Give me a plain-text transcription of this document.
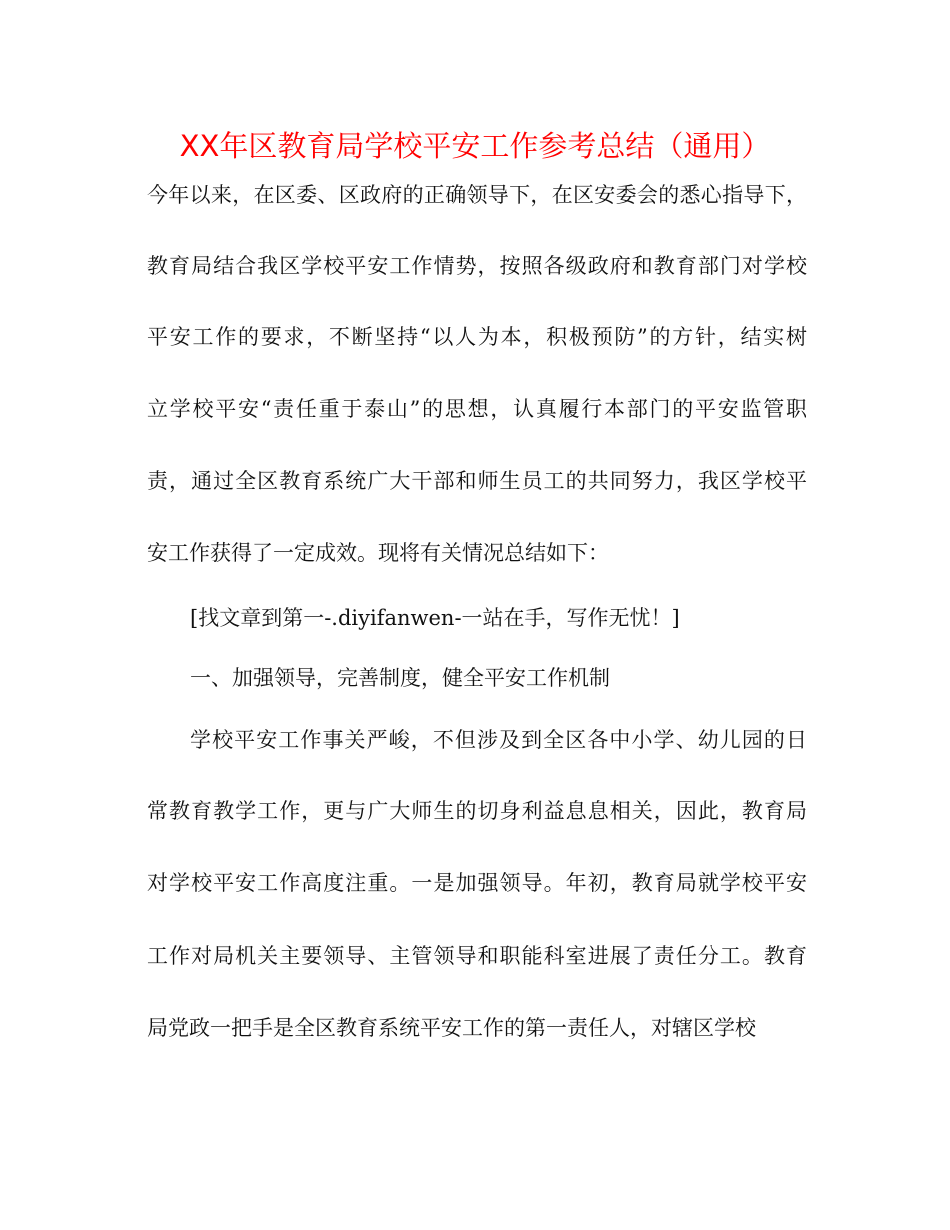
XX年区教育局学校平安工作参考总结（通用）
今年以来，在区委、区政府的正确领导下，在区安委会的悉心指导下，
教育局结合我区学校平安工作情势，按照各级政府和教育部门对学校
平安工作的要求，不断坚持“以人为本，积极预防”的方针，结实树
立学校平安“责任重于泰山”的思想，认真履行本部门的平安监管职
责，通过全区教育系统广大干部和师生员工的共同努力，我区学校平
安工作获得了一定成效。现将有关情况总结如下：
[找文章到第一-.diyifanwen-一站在手，写作无忧！]
一、加强领导，完善制度，健全平安工作机制
学校平安工作事关严峻，不但涉及到全区各中小学、幼儿园的日
常教育教学工作，更与广大师生的切身利益息息相关，因此，教育局
对学校平安工作高度注重。一是加强领导。年初，教育局就学校平安
工作对局机关主要领导、主管领导和职能科室进展了责任分工。教育
局党政一把手是全区教育系统平安工作的第一责任人，对辖区学校
